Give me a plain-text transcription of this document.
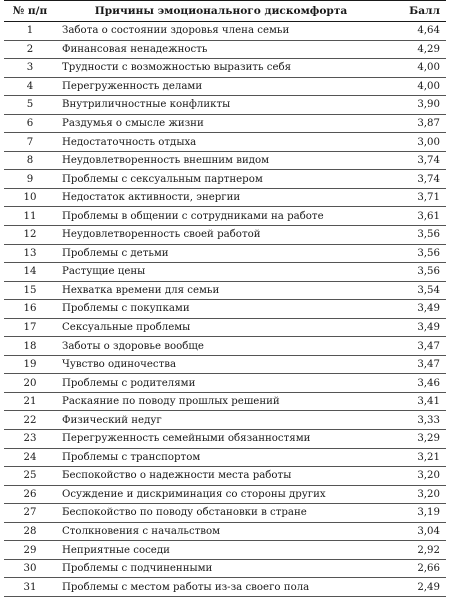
№ п/п	Причины эмоционального дискомфорта	Балл
1	Забота о состоянии здоровья члена семьи	4,64
2	Финансовая ненадежность	4,29
3	Трудности с возможностью выразить себя	4,00
4	Перегруженность делами	4,00
5	Внутриличностные конфликты	3,90
6	Раздумья о смысле жизни	3,87
7	Недостаточность отдыха	3,00
8	Неудовлетворенность внешним видом	3,74
9	Проблемы с сексуальным партнером	3,74
10	Недостаток активности, энергии	3,71
11	Проблемы в общении с сотрудниками на работе	3,61
12	Неудовлетворенность своей работой	3,56
13	Проблемы с детьми	3,56
14	Растущие цены	3,56
15	Нехватка времени для семьи	3,54
16	Проблемы с покупками	3,49
17	Сексуальные проблемы	3,49
18	Заботы о здоровье вообще	3,47
19	Чувство одиночества	3,47
20	Проблемы с родителями	3,46
21	Раскаяние по поводу прошлых решений	3,41
22	Физический недуг	3,33
23	Перегруженность семейными обязанностями	3,29
24	Проблемы с транспортом	3,21
25	Беспокойство о надежности места работы	3,20
26	Осуждение и дискриминация со стороны других	3,20
27	Беспокойство по поводу обстановки в стране	3,19
28	Столкновения с начальством	3,04
29	Неприятные соседи	2,92
30	Проблемы с подчиненными	2,66
31	Проблемы с местом работы из-за своего пола	2,49
